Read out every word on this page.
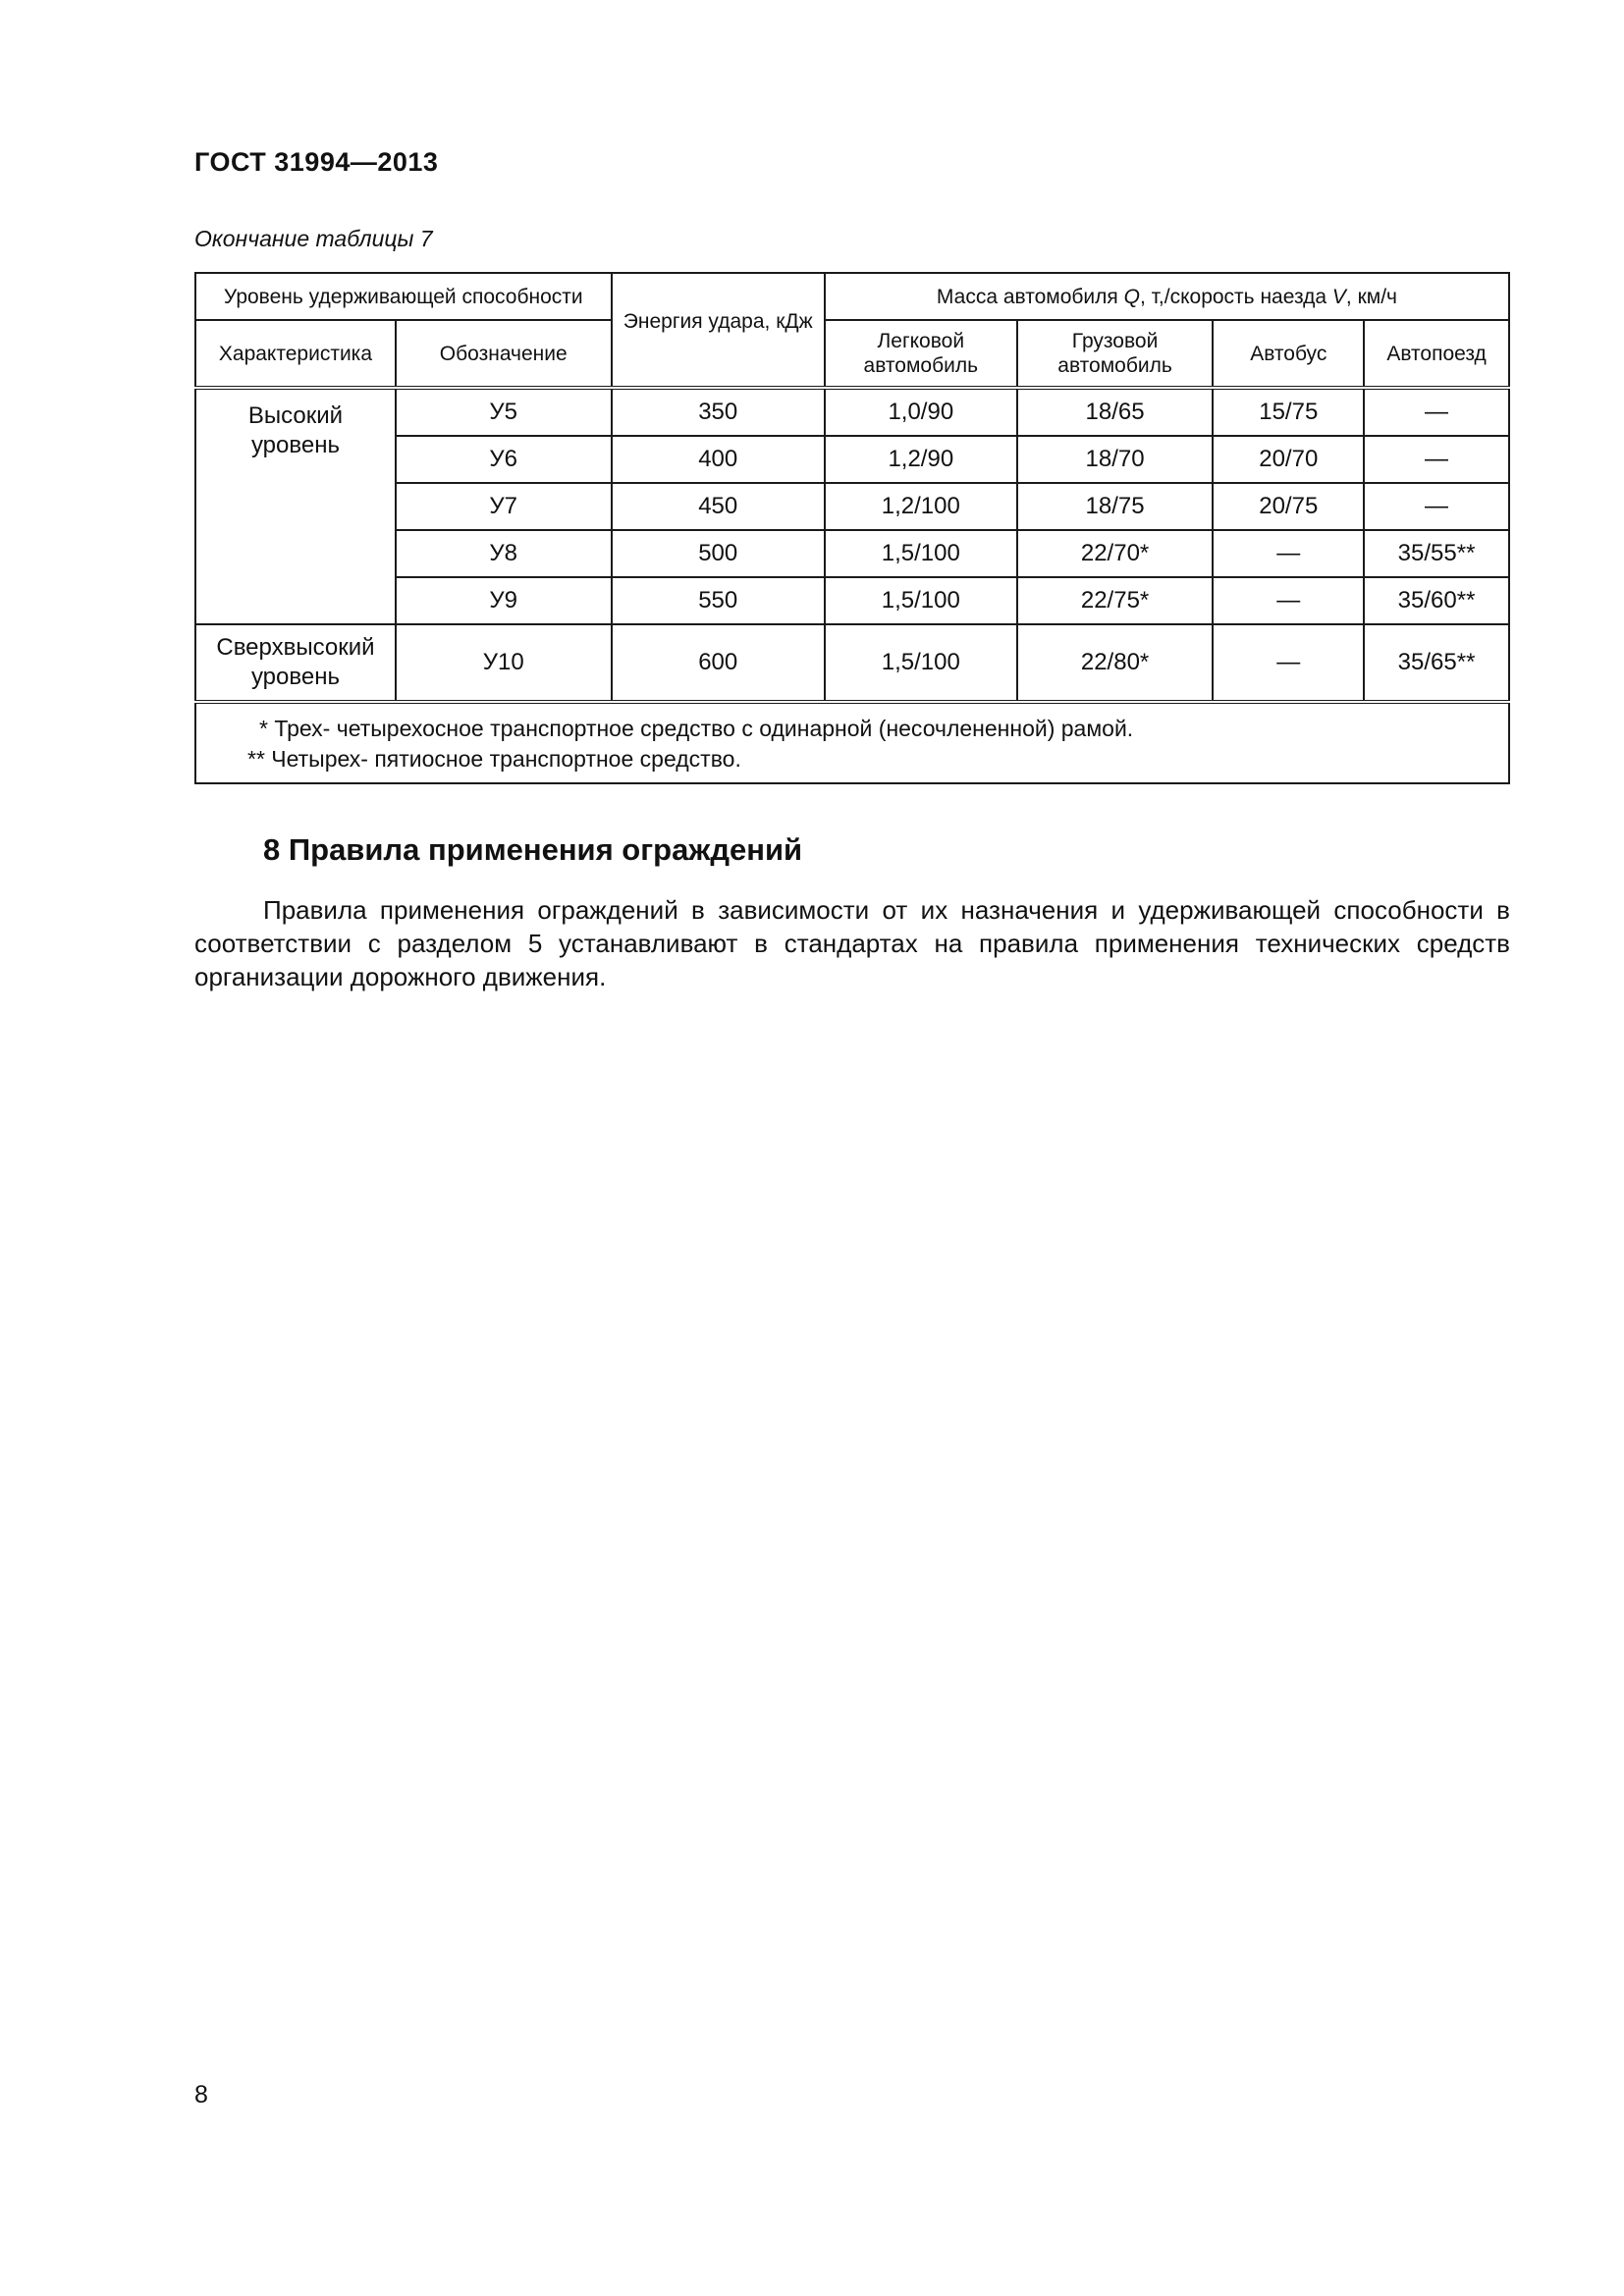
ГОСТ 31994—2013
Окончание таблицы 7
Уровень удерживающей способности		Энергия удара, кДж	Масса автомобиля Q, т,/скорость наезда V, км/ч			
Характеристика	Обозначение		Легковой автомобиль	Грузовой автомобиль	Автобус	Автопоезд

Высокий уровень	У5	350	1,0/90	18/65	15/75	—
	У6	400	1,2/90	18/70	20/70	—
	У7	450	1,2/100	18/75	20/75	—
	У8	500	1,5/100	22/70*	—	35/55**
	У9	550	1,5/100	22/75*	—	35/60**

Сверхвысокий уровень	У10	600	1,5/100	22/80*	—	35/65**

* Трех- четырехосное транспортное средство с одинарной (несочлененной) рамой.
** Четырех- пятиосное транспортное средство.						
8 Правила применения ограждений
Правила применения ограждений в зависимости от их назначения и удерживающей способности в соответствии с разделом 5 устанавливают в стандартах на правила применения технических средств организации дорожного движения.
8
